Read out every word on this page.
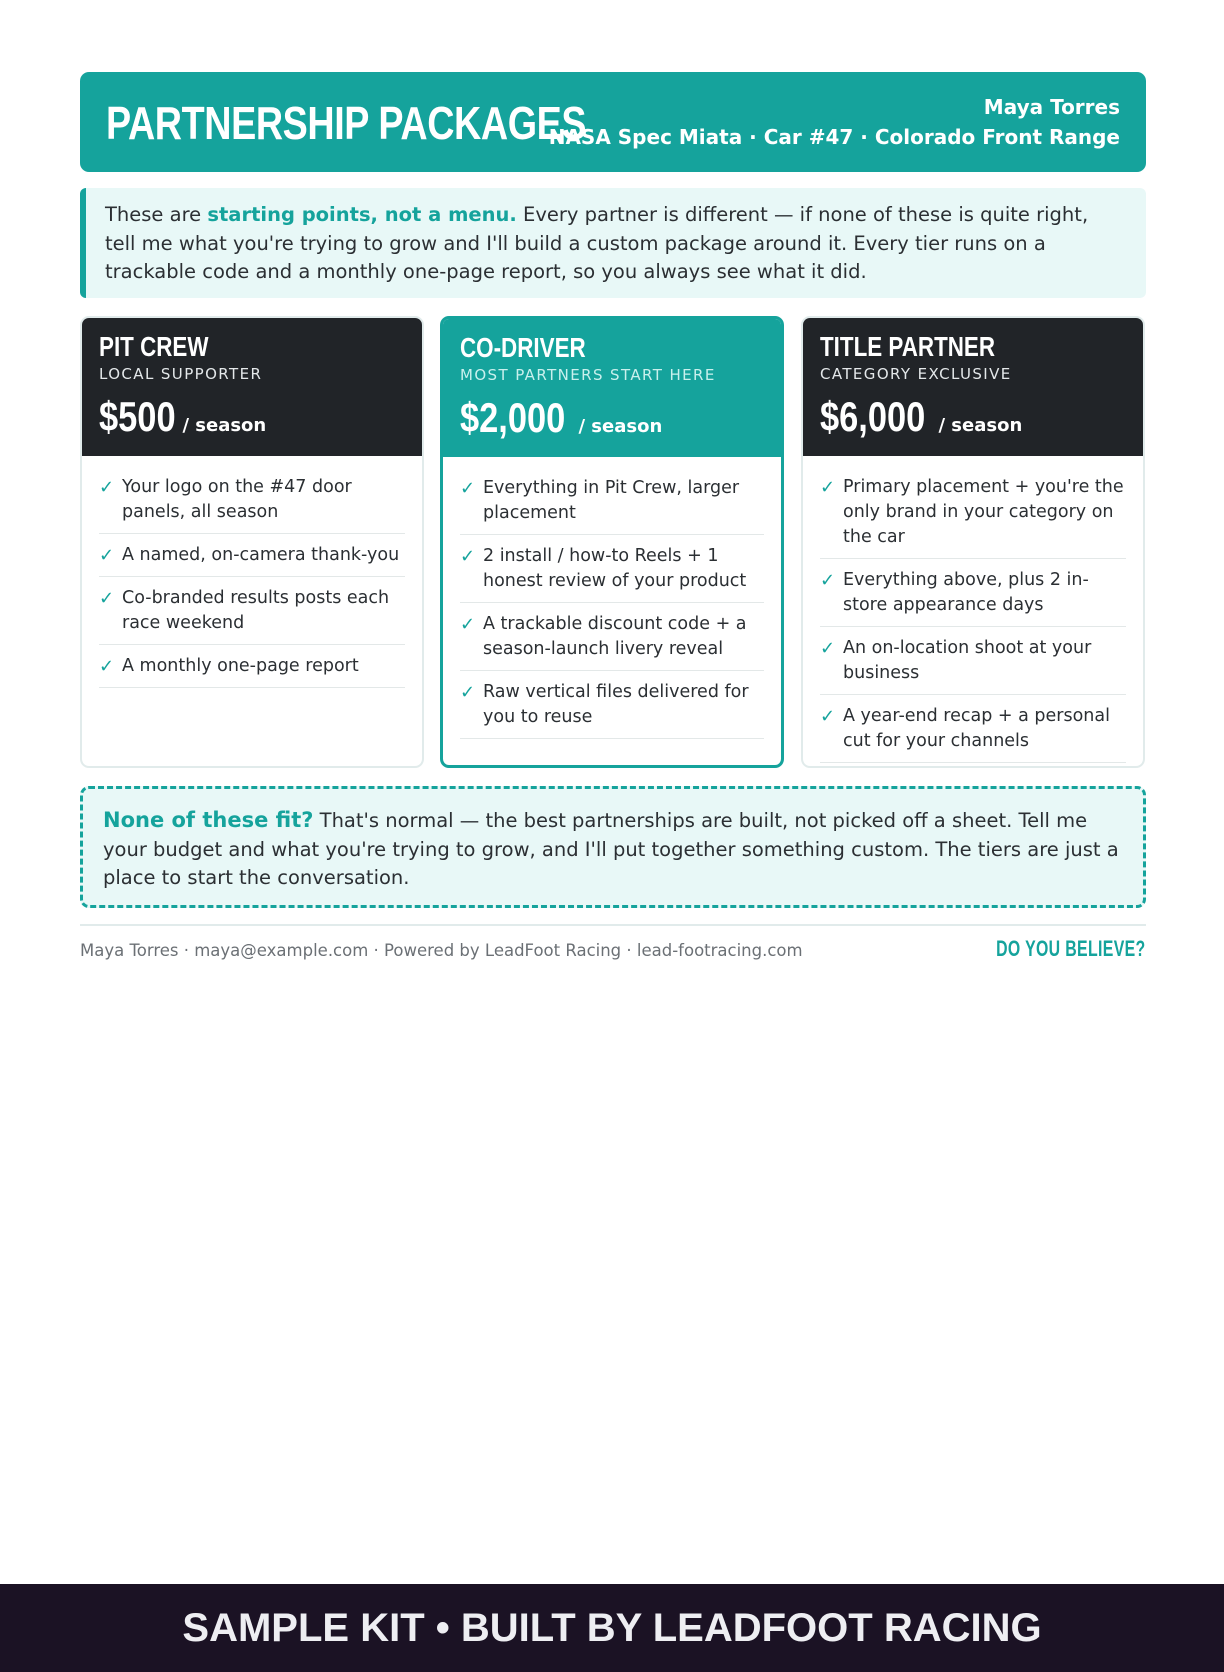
PARTNERSHIP PACKAGES	Maya Torres
NASA Spec Miata · Car #47 · Colorado Front Range
These are starting points, not a menu. Every partner is different — if none of these is quite right, tell me what you're trying to grow and I'll build a custom package around it. Every tier runs on a trackable code and a monthly one-page report, so you always see what it did.
PIT CREW
LOCAL SUPPORTER
$500 / season
✓ Your logo on the #47 door panels, all season
✓ A named, on-camera thank-you
✓ Co-branded results posts each race weekend
✓ A monthly one-page report
CO-DRIVER
MOST PARTNERS START HERE
$2,000 / season
✓ Everything in Pit Crew, larger placement
✓ 2 install / how-to Reels + 1 honest review of your product
✓ A trackable discount code + a season-launch livery reveal
✓ Raw vertical files delivered for you to reuse
TITLE PARTNER
CATEGORY EXCLUSIVE
$6,000 / season
✓ Primary placement + you're the only brand in your category on the car
✓ Everything above, plus 2 in-store appearance days
✓ An on-location shoot at your business
✓ A year-end recap + a personal cut for your channels
None of these fit? That's normal — the best partnerships are built, not picked off a sheet. Tell me your budget and what you're trying to grow, and I'll put together something custom. The tiers are just a place to start the conversation.
Maya Torres · maya@example.com · Powered by LeadFoot Racing · lead-footracing.com	DO YOU BELIEVE?
SAMPLE KIT • BUILT BY LEADFOOT RACING
